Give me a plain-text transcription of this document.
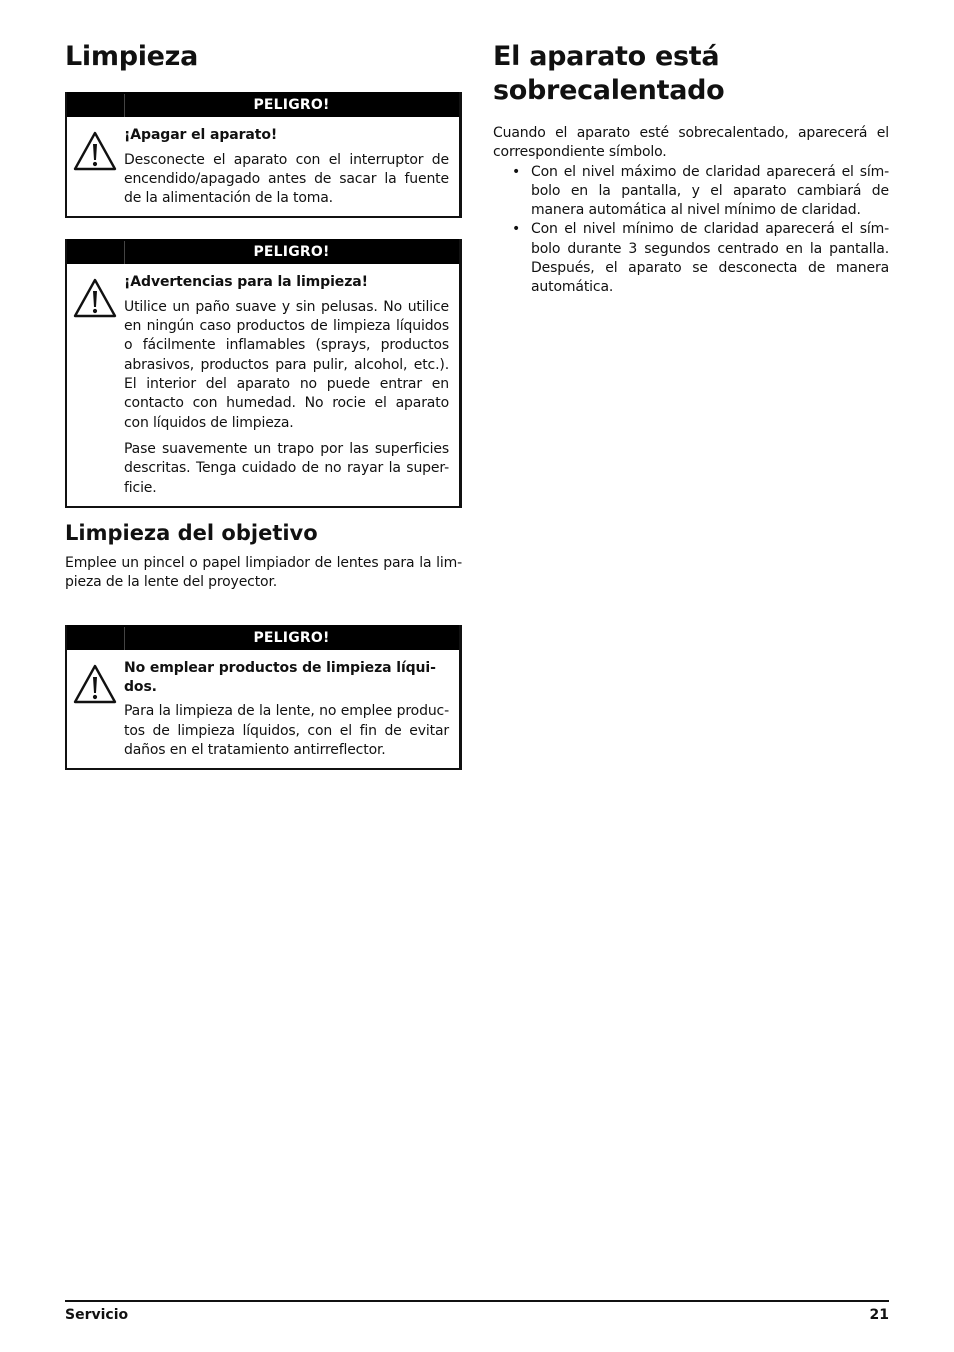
Limpieza
PELIGRO!
¡Apagar el aparato!

Desconecte el aparato con el interruptor de encendido/apagado antes de sacar la fuente de la alimentación de la toma.

PELIGRO!
¡Advertencias para la limpieza!

Utilice un paño suave y sin pelusas. No utilice en ningún caso productos de limpieza líquidos o fácilmente inflamables (sprays, productos abrasivos, productos para pulir, alcohol, etc.). El interior del aparato no puede entrar en contacto con humedad. No rocie el aparato con líquidos de limpieza.

Pase suavemente un trapo por las superficies descritas. Tenga cuidado de no rayar la super-ficie.

Limpieza del objetivo

Emplee un pincel o papel limpiador de lentes para la lim-pieza de la lente del proyector.

PELIGRO!
No emplear productos de limpieza líqui-dos.

Para la limpieza de la lente, no emplee produc-tos de limpieza líquidos, con el fin de evitar daños en el tratamiento antirreflector.

El aparato está
sobrecalentado

Cuando el aparato esté sobrecalentado, aparecerá el correspondiente símbolo.

• Con el nivel máximo de claridad aparecerá el sím-bolo en la pantalla, y el aparato cambiará de manera automática al nivel mínimo de claridad.
• Con el nivel mínimo de claridad aparecerá el sím-bolo durante 3 segundos centrado en la pantalla. Después, el aparato se desconecta de manera automática.
Servicio	21
